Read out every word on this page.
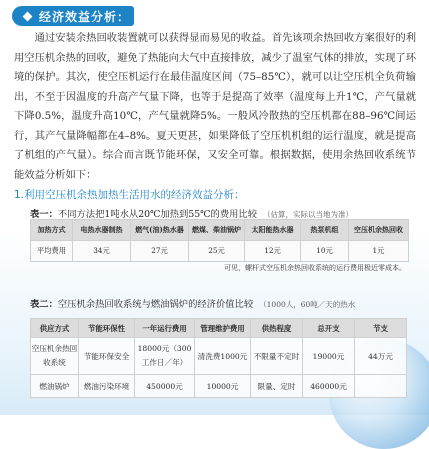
经济效益分析：
通过安装余热回收装置就可以获得显而易见的收益。首先该项余热回收方案很好的利用空压机余热的回收，避免了热能向大气中直接排放，减少了温室气体的排放，实现了环境的保护。其次，使空压机运行在最佳温度区间（75–85℃），就可以让空压机全负荷输出，不至于因温度的升高产气量下降，也等于是提高了效率（温度每上升1℃，产气量就下降0.5%，温度升高10℃，产气量就降5%。一般风冷散热的空压机都在88–96℃间运行，其产气量降幅都在4–8%。夏天更甚，如果降低了空压机机组的运行温度，就是提高了机组的产气量）。综合而言既节能环保，又安全可靠。根据数据，使用余热回收系统节能效益分析如下：
1.利用空压机余热加热生活用水的经济效益分析：
表一：不同方法把1吨水从20℃加热到55℃的费用比较 （估算，实际以当地为准）
加热方式	电热水器制热	燃气(油)热水器	燃煤、柴油锅炉	太阳能热水器	热泵机组	空压机余热回收
平均费用	34元	27元	25元	12元	10元	1元
可见，螺杆式空压机余热回收系统的运行费用极近零成本。
表二：空压机余热回收系统与燃油锅炉的经济价值比较 （1000人，60吨／天的热水
供应方式	节能环保性	一年运行费用	管理维护费用	供热程度	总开支	节支
空压机余热回收系统	节能环保安全	18000元（300工作日／年）	清洗费1000元	不限量不定时	19000元	44万元
燃油锅炉	燃油污染环境	450000元	10000元	限量、定时	460000元	
